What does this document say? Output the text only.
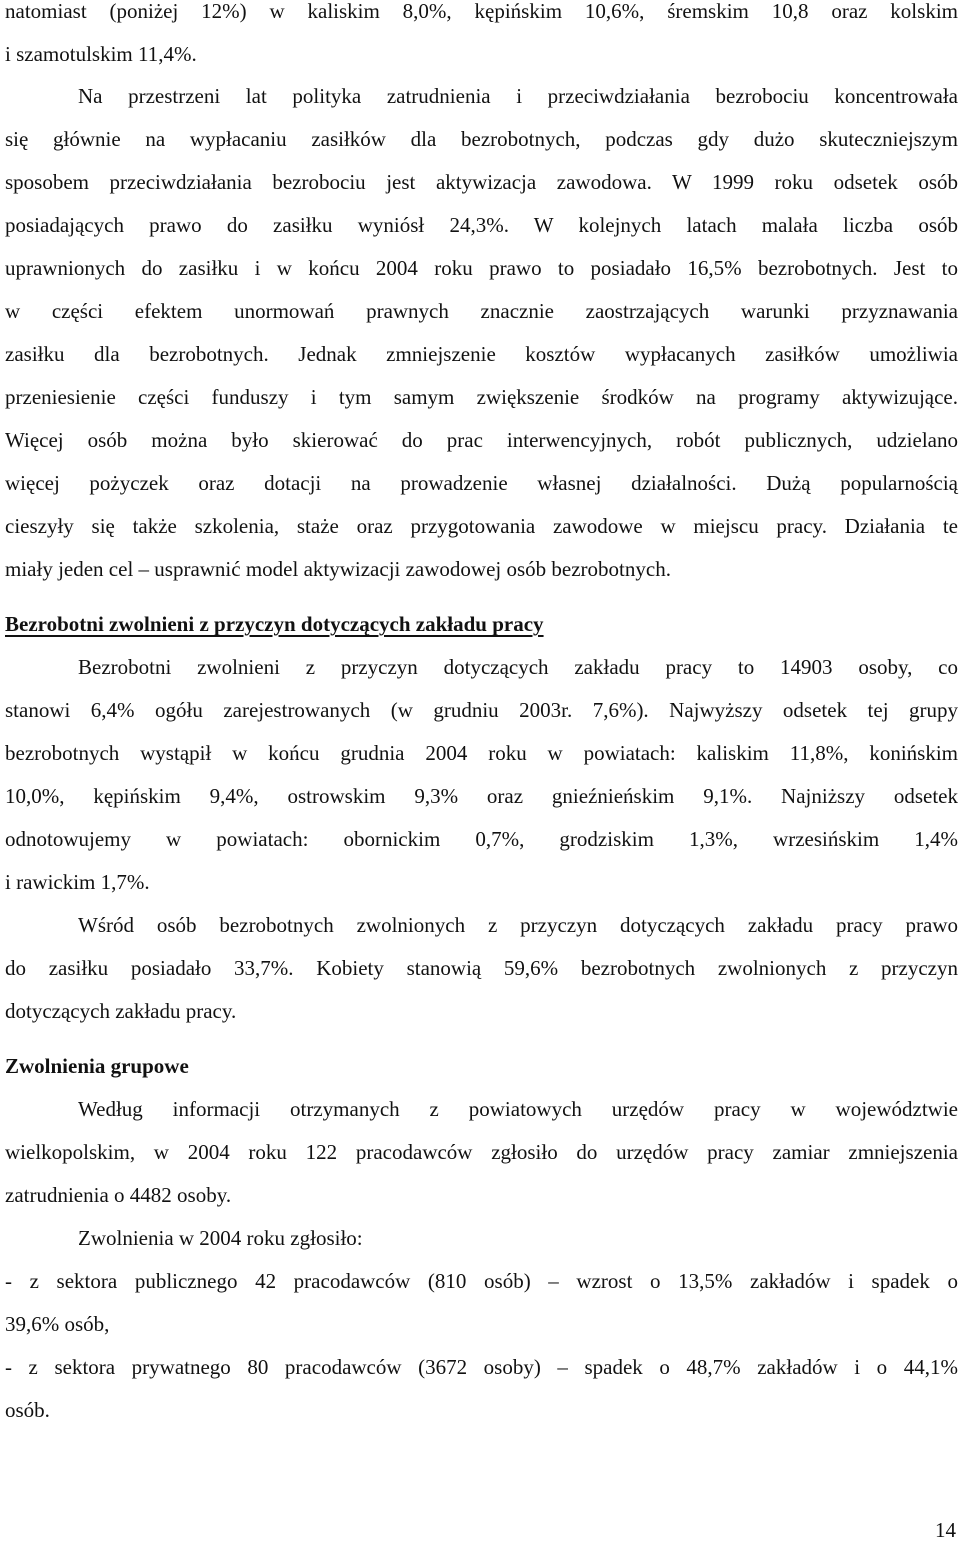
natomiast (poniżej 12%) w kaliskim 8,0%, kępińskim 10,6%, śremskim 10,8 oraz kolskim
i szamotulskim 11,4%.
Na przestrzeni lat polityka zatrudnienia i przeciwdziałania bezrobociu koncentrowała
się głównie na wypłacaniu zasiłków dla bezrobotnych, podczas gdy dużo skuteczniejszym
sposobem przeciwdziałania bezrobociu jest aktywizacja zawodowa. W 1999 roku odsetek osób
posiadających prawo do zasiłku wyniósł 24,3%. W kolejnych latach malała liczba osób
uprawnionych do zasiłku i w końcu 2004 roku prawo to posiadało 16,5% bezrobotnych. Jest to
w części efektem unormowań prawnych znacznie zaostrzających warunki przyznawania
zasiłku dla bezrobotnych. Jednak zmniejszenie kosztów wypłacanych zasiłków umożliwia
przeniesienie części funduszy i tym samym zwiększenie środków na programy aktywizujące.
Więcej osób można było skierować do prac interwencyjnych, robót publicznych, udzielano
więcej pożyczek oraz dotacji na prowadzenie własnej działalności. Dużą popularnością
cieszyły się także szkolenia, staże oraz przygotowania zawodowe w miejscu pracy. Działania te
miały jeden cel – usprawnić model aktywizacji zawodowej osób bezrobotnych.
Bezrobotni zwolnieni z przyczyn dotyczących zakładu pracy
Bezrobotni zwolnieni z przyczyn dotyczących zakładu pracy to 14903 osoby, co
stanowi 6,4% ogółu zarejestrowanych (w grudniu 2003r. 7,6%). Najwyższy odsetek tej grupy
bezrobotnych wystąpił w końcu grudnia 2004 roku w powiatach: kaliskim 11,8%, konińskim
10,0%, kępińskim 9,4%, ostrowskim 9,3% oraz gnieźnieńskim 9,1%. Najniższy odsetek
odnotowujemy w powiatach: obornickim 0,7%, grodziskim 1,3%, wrzesińskim 1,4%
i rawickim 1,7%.
Wśród osób bezrobotnych zwolnionych z przyczyn dotyczących zakładu pracy prawo
do zasiłku posiadało 33,7%. Kobiety stanowią 59,6% bezrobotnych zwolnionych z przyczyn
dotyczących zakładu pracy.
Zwolnienia grupowe
Według informacji otrzymanych z powiatowych urzędów pracy w województwie
wielkopolskim, w 2004 roku 122 pracodawców zgłosiło do urzędów pracy zamiar zmniejszenia
zatrudnienia o 4482 osoby.
Zwolnienia w 2004 roku zgłosiło:
- z sektora publicznego 42 pracodawców (810 osób) – wzrost o 13,5% zakładów i spadek o
39,6% osób,
- z sektora prywatnego 80 pracodawców (3672 osoby) – spadek o 48,7% zakładów i o 44,1%
osób.
14
